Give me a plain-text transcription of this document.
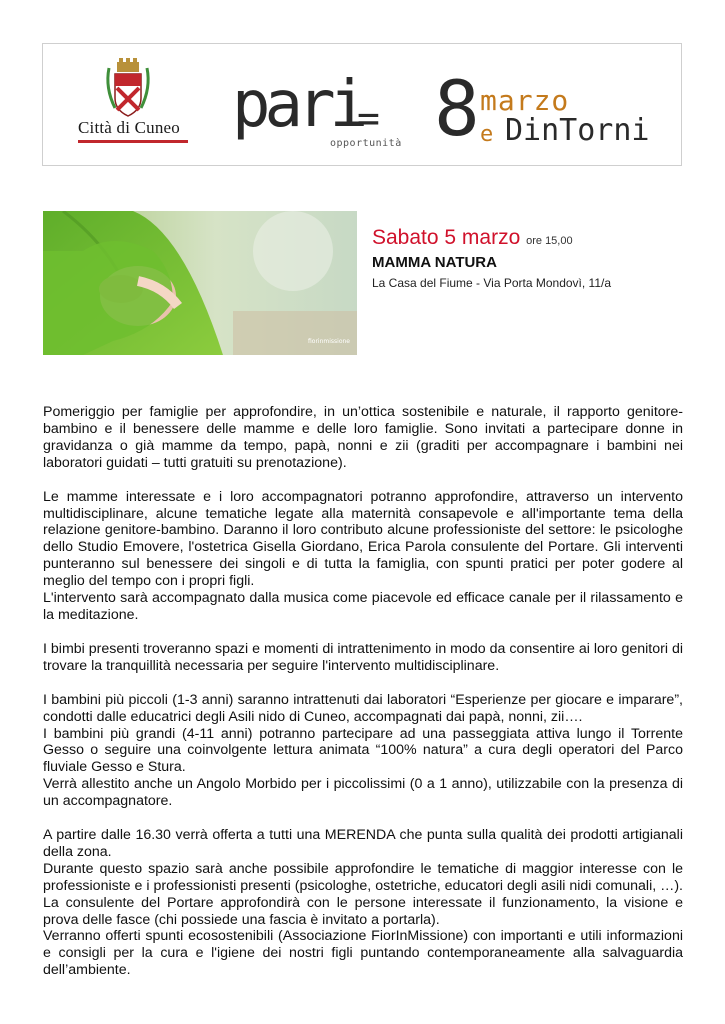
Città di Cuneo pari
=
opportunità 8 marzo
e DinTorni
fiorinmissione
Sabato 5 marzo ore 15,00
MAMMA NATURA
La Casa del Fiume - Via Porta Mondovì, 11/a

Pomeriggio per famiglie per approfondire, in un’ottica sostenibile e naturale, il rapporto genitore-bambino e il benessere delle mamme e delle loro famiglie. Sono invitati a partecipare donne in gravidanza o già mamme da tempo, papà, nonni e zii (graditi per accompagnare i bambini nei laboratori guidati – tutti gratuiti su prenotazione).

Le mamme interessate e i loro accompagnatori potranno approfondire, attraverso un intervento multidisciplinare, alcune tematiche legate alla maternità consapevole e all'importante tema della relazione genitore-bambino. Daranno il loro contributo alcune professioniste del settore: le psicologhe dello Studio Emovere, l'ostetrica Gisella Giordano, Erica Parola consulente del Portare. Gli interventi punteranno sul benessere dei singoli e di tutta la famiglia, con spunti pratici per poter godere al meglio del tempo con i propri figli.
L'intervento sarà accompagnato dalla musica come piacevole ed efficace canale per il rilassamento e la meditazione.

I bimbi presenti troveranno spazi e momenti di intrattenimento in modo da consentire ai loro genitori di trovare la tranquillità necessaria per seguire l'intervento multidisciplinare.

I bambini più piccoli (1-3 anni) saranno intrattenuti dai laboratori “Esperienze per giocare e imparare”, condotti dalle educatrici degli Asili nido di Cuneo, accompagnati dai papà, nonni, zii….
I bambini più grandi (4-11 anni) potranno partecipare ad una passeggiata attiva lungo il Torrente Gesso o seguire una coinvolgente lettura animata “100% natura” a cura degli operatori del Parco fluviale Gesso e Stura.
Verrà allestito anche un Angolo Morbido per i piccolissimi (0 a 1 anno), utilizzabile con la presenza di un accompagnatore.

A partire dalle 16.30 verrà offerta a tutti una MERENDA che punta sulla qualità dei prodotti artigianali della zona.
Durante questo spazio sarà anche possibile approfondire le tematiche di maggior interesse con le professioniste e i professionisti presenti (psicologhe, ostetriche, educatori degli asili nidi comunali, …). La consulente del Portare approfondirà con le persone interessate il funzionamento, la visione e prova delle fasce (chi possiede una fascia è invitato a portarla).
Verranno offerti spunti ecosostenibili (Associazione FiorInMissione) con importanti e utili informazioni e consigli per la cura e l'igiene dei nostri figli puntando contemporaneamente alla salvaguardia dell’ambiente.
